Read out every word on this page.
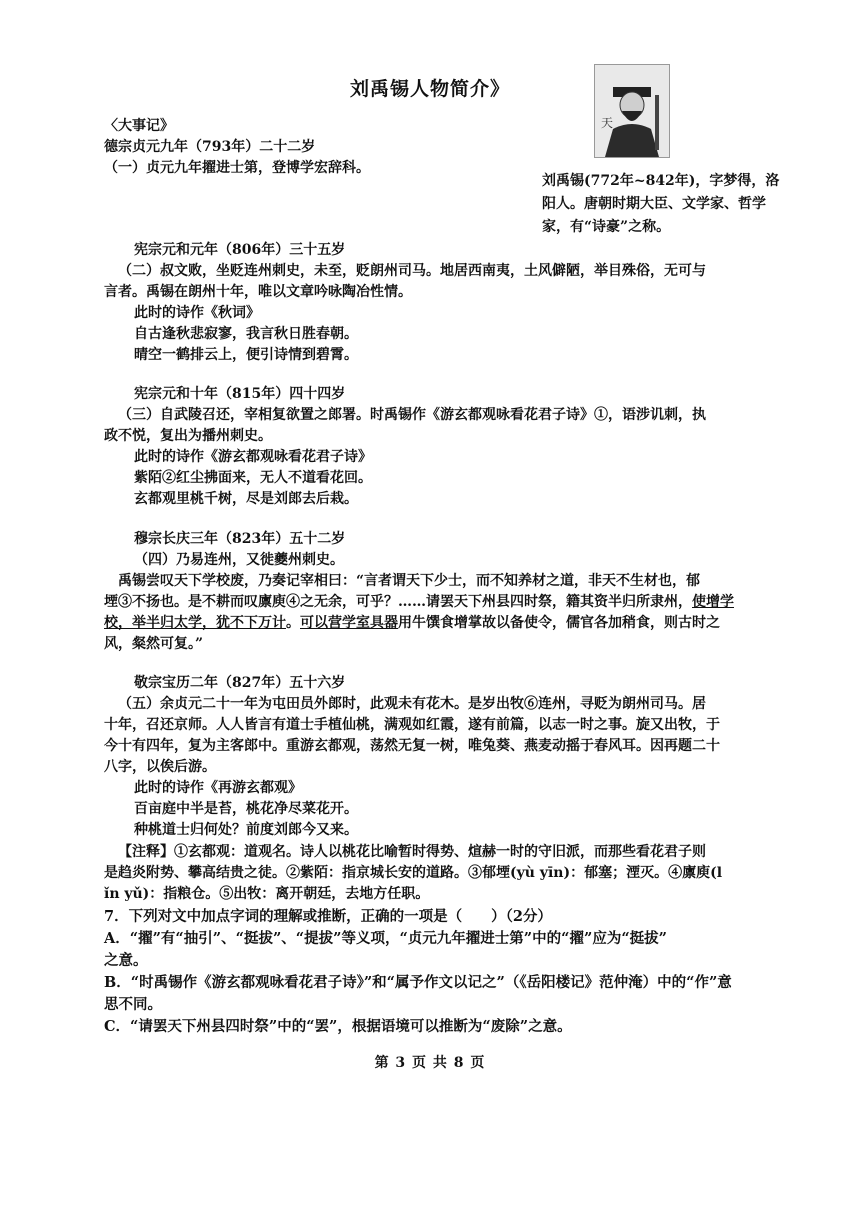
刘禹锡人物简介》
天
刘禹锡(772年~842年)，字梦得，洛阳人。唐朝时期大臣、文学家、哲学家，有“诗豪”之称。
〈大事记》
德宗贞元九年（793年）二十二岁
（一）贞元九年擢进士第，登博学宏辞科。
宪宗元和元年（806年）三十五岁
（二）叔文败，坐贬连州刺史，未至，贬朗州司马。地居西南夷，土风僻陋，举目殊俗，无可与
言者。禹锡在朗州十年，唯以文章吟咏陶冶性情。
此时的诗作《秋词》
自古逢秋悲寂寥，我言秋日胜春朝。
晴空一鹤排云上，便引诗情到碧霄。
宪宗元和十年（815年）四十四岁
（三）自武陵召还，宰相复欲置之郎署。时禹锡作《游玄都观咏看花君子诗》①，语涉讥刺，执
政不悦，复出为播州刺史。
此时的诗作《游玄都观咏看花君子诗》
紫陌②红尘拂面来，无人不道看花回。
玄都观里桃千树，尽是刘郎去后栽。
穆宗长庆三年（823年）五十二岁
（四）乃易连州，又徙夔州刺史。
禹锡尝叹天下学校废，乃奏记宰相曰：“言者谓天下少士，而不知养材之道，非天不生材也，郁
堙③不扬也。是不耕而叹廪庾④之无余，可乎？……请罢天下州县四时祭，籍其资半归所隶州，使增学
校，举半归太学，犹不下万计。可以营学室具器用牛馔食增掌故以备使令，儒官各加稍食，则古时之
风，粲然可复。”
敬宗宝历二年（827年）五十六岁
（五）余贞元二十一年为屯田员外郎时，此观未有花木。是岁出牧⑥连州，寻贬为朗州司马。居
十年，召还京师。人人皆言有道士手植仙桃，满观如红霞，遂有前篇，以志一时之事。旋又出牧，于
今十有四年，复为主客郎中。重游玄都观，荡然无复一树，唯兔葵、燕麦动摇于春风耳。因再题二十
八字，以俟后游。
此时的诗作《再游玄都观》
百亩庭中半是苔，桃花净尽菜花开。
种桃道士归何处？前度刘郎今又来。
【注释】①玄都观：道观名。诗人以桃花比喻暂时得势、煊赫一时的守旧派，而那些看花君子则
是趋炎附势、攀高结贵之徒。②紫陌：指京城长安的道路。③郁堙(yù yīn)：郁塞；湮灭。④廪庾(l
ǐn yǔ)：指粮仓。⑤出牧：离开朝廷，去地方任职。
7．下列对文中加点字词的理解或推断，正确的一项是（　　）（2分）
A．“擢”有“抽引”、“挺拔”、“提拔”等义项，“贞元九年擢进士第”中的“擢”应为“挺拔”
之意。
B．“时禹锡作《游玄都观咏看花君子诗》”和“属予作文以记之”（《岳阳楼记》范仲淹）中的“作”意
思不同。
C．“请罢天下州县四时祭”中的“罢”，根据语境可以推断为“废除”之意。
第 3 页 共 8 页
